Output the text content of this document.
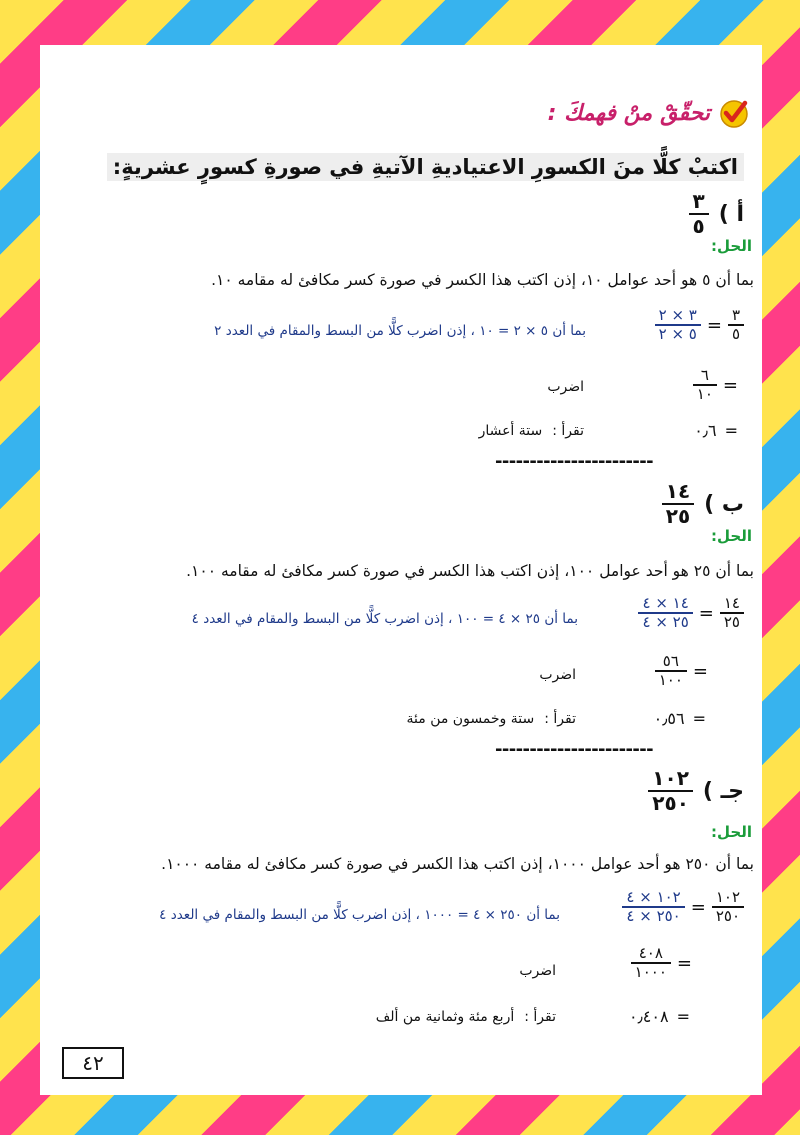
تحقّقْ
منْ فهمكَ :
اكتبْ كلًّا منَ الكسورِ الاعتياديةِ الآتيةِ في صورةِ كسورٍ عشريةٍ:
أ )
$\frac{٣}{٥}$
الحل:
بما أن ٥ هو أحد عوامل ١٠، إذن اكتب هذا الكسر في صورة كسر مكافئ له مقامه ١٠.
$\frac{٣}{٥}$
=
$\frac{٣ \times ٢}{٥ \times ٢}$
بما أن ٥ × ٢ = ١٠ ، إذن اضرب كلًّا من البسط والمقام في العدد ٢
=
$\frac{٦}{١٠}$
اضرب
=
٠٫٦
تقرأ :
ستة أعشار
-----------------------
ب )
$\frac{١٤}{٢٥}$
الحل:
بما أن ٢٥ هو أحد عوامل ١٠٠، إذن اكتب هذا الكسر في صورة كسر مكافئ له مقامه ١٠٠.
$\frac{١٤}{٢٥}$
=
$\frac{١٤ \times ٤}{٢٥ \times ٤}$
بما أن ٢٥ × ٤ = ١٠٠ ، إذن اضرب كلًّا من البسط والمقام في العدد ٤
=
$\frac{٥٦}{١٠٠}$
اضرب
=
٠٫٥٦
تقرأ :
ستة وخمسون من مئة
-----------------------
جـ )
$\frac{١٠٢}{٢٥٠}$
الحل:
بما أن ٢٥٠ هو أحد عوامل ١٠٠٠، إذن اكتب هذا الكسر في صورة كسر مكافئ له مقامه ١٠٠٠.
$\frac{١٠٢}{٢٥٠}$
=
$\frac{١٠٢ \times ٤}{٢٥٠ \times ٤}$
بما أن ٢٥٠ × ٤ = ١٠٠٠ ، إذن اضرب كلًّا من البسط والمقام في العدد ٤
=
$\frac{٤٠٨}{١٠٠٠}$
اضرب
=
٠٫٤٠٨
تقرأ :
أربع مئة وثمانية من ألف
٤٢
